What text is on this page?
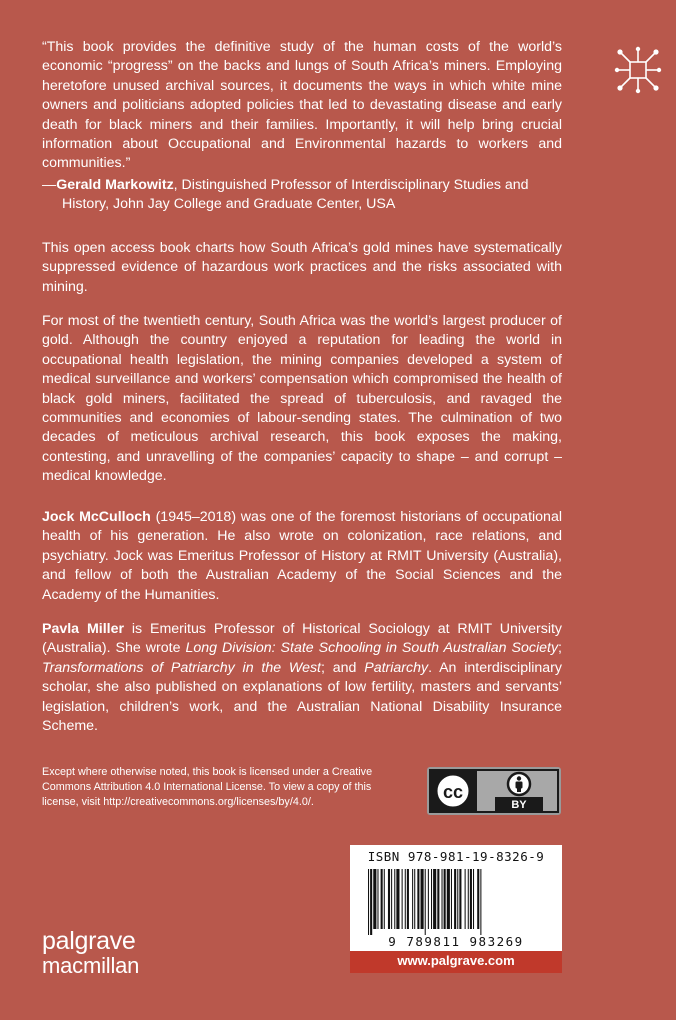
“This book provides the definitive study of the human costs of the world’s economic “progress” on the backs and lungs of South Africa’s miners. Employing heretofore unused archival sources, it documents the ways in which white mine owners and politicians adopted policies that led to devastating disease and early death for black miners and their families. Importantly, it will help bring crucial information about Occupational and Environmental hazards to workers and communities.”
—Gerald Markowitz, Distinguished Professor of Interdisciplinary Studies and
History, John Jay College and Graduate Center, USA
This open access book charts how South Africa’s gold mines have systematically suppressed evidence of hazardous work practices and the risks associated with mining.
For most of the twentieth century, South Africa was the world’s largest producer of gold. Although the country enjoyed a reputation for leading the world in occupational health legislation, the mining companies developed a system of medical surveillance and workers’ compensation which compromised the health of black gold miners, facilitated the spread of tuberculosis, and ravaged the communities and economies of labour-sending states. The culmination of two decades of meticulous archival research, this book exposes the making, contesting, and unravelling of the companies’ capacity to shape – and corrupt – medical knowledge.
Jock McCulloch (1945–2018) was one of the foremost historians of occupational health of his generation. He also wrote on colonization, race relations, and psychiatry. Jock was Emeritus Professor of History at RMIT University (Australia), and fellow of both the Australian Academy of the Social Sciences and the Academy of the Humanities.
Pavla Miller is Emeritus Professor of Historical Sociology at RMIT University (Australia). She wrote Long Division: State Schooling in South Australian Society; Transformations of Patriarchy in the West; and Patriarchy. An interdisciplinary scholar, she also published on explanations of low fertility, masters and servants’ legislation, children’s work, and the Australian National Disability Insurance Scheme.
Except where otherwise noted, this book is licensed under a Creative Commons Attribution 4.0 International License. To view a copy of this license, visit http://creativecommons.org/licenses/by/4.0/.	cc
BY
ISBN 978-981-19-8326-9
9 789811 983269
www.palgrave.com
palgrave
macmillan
